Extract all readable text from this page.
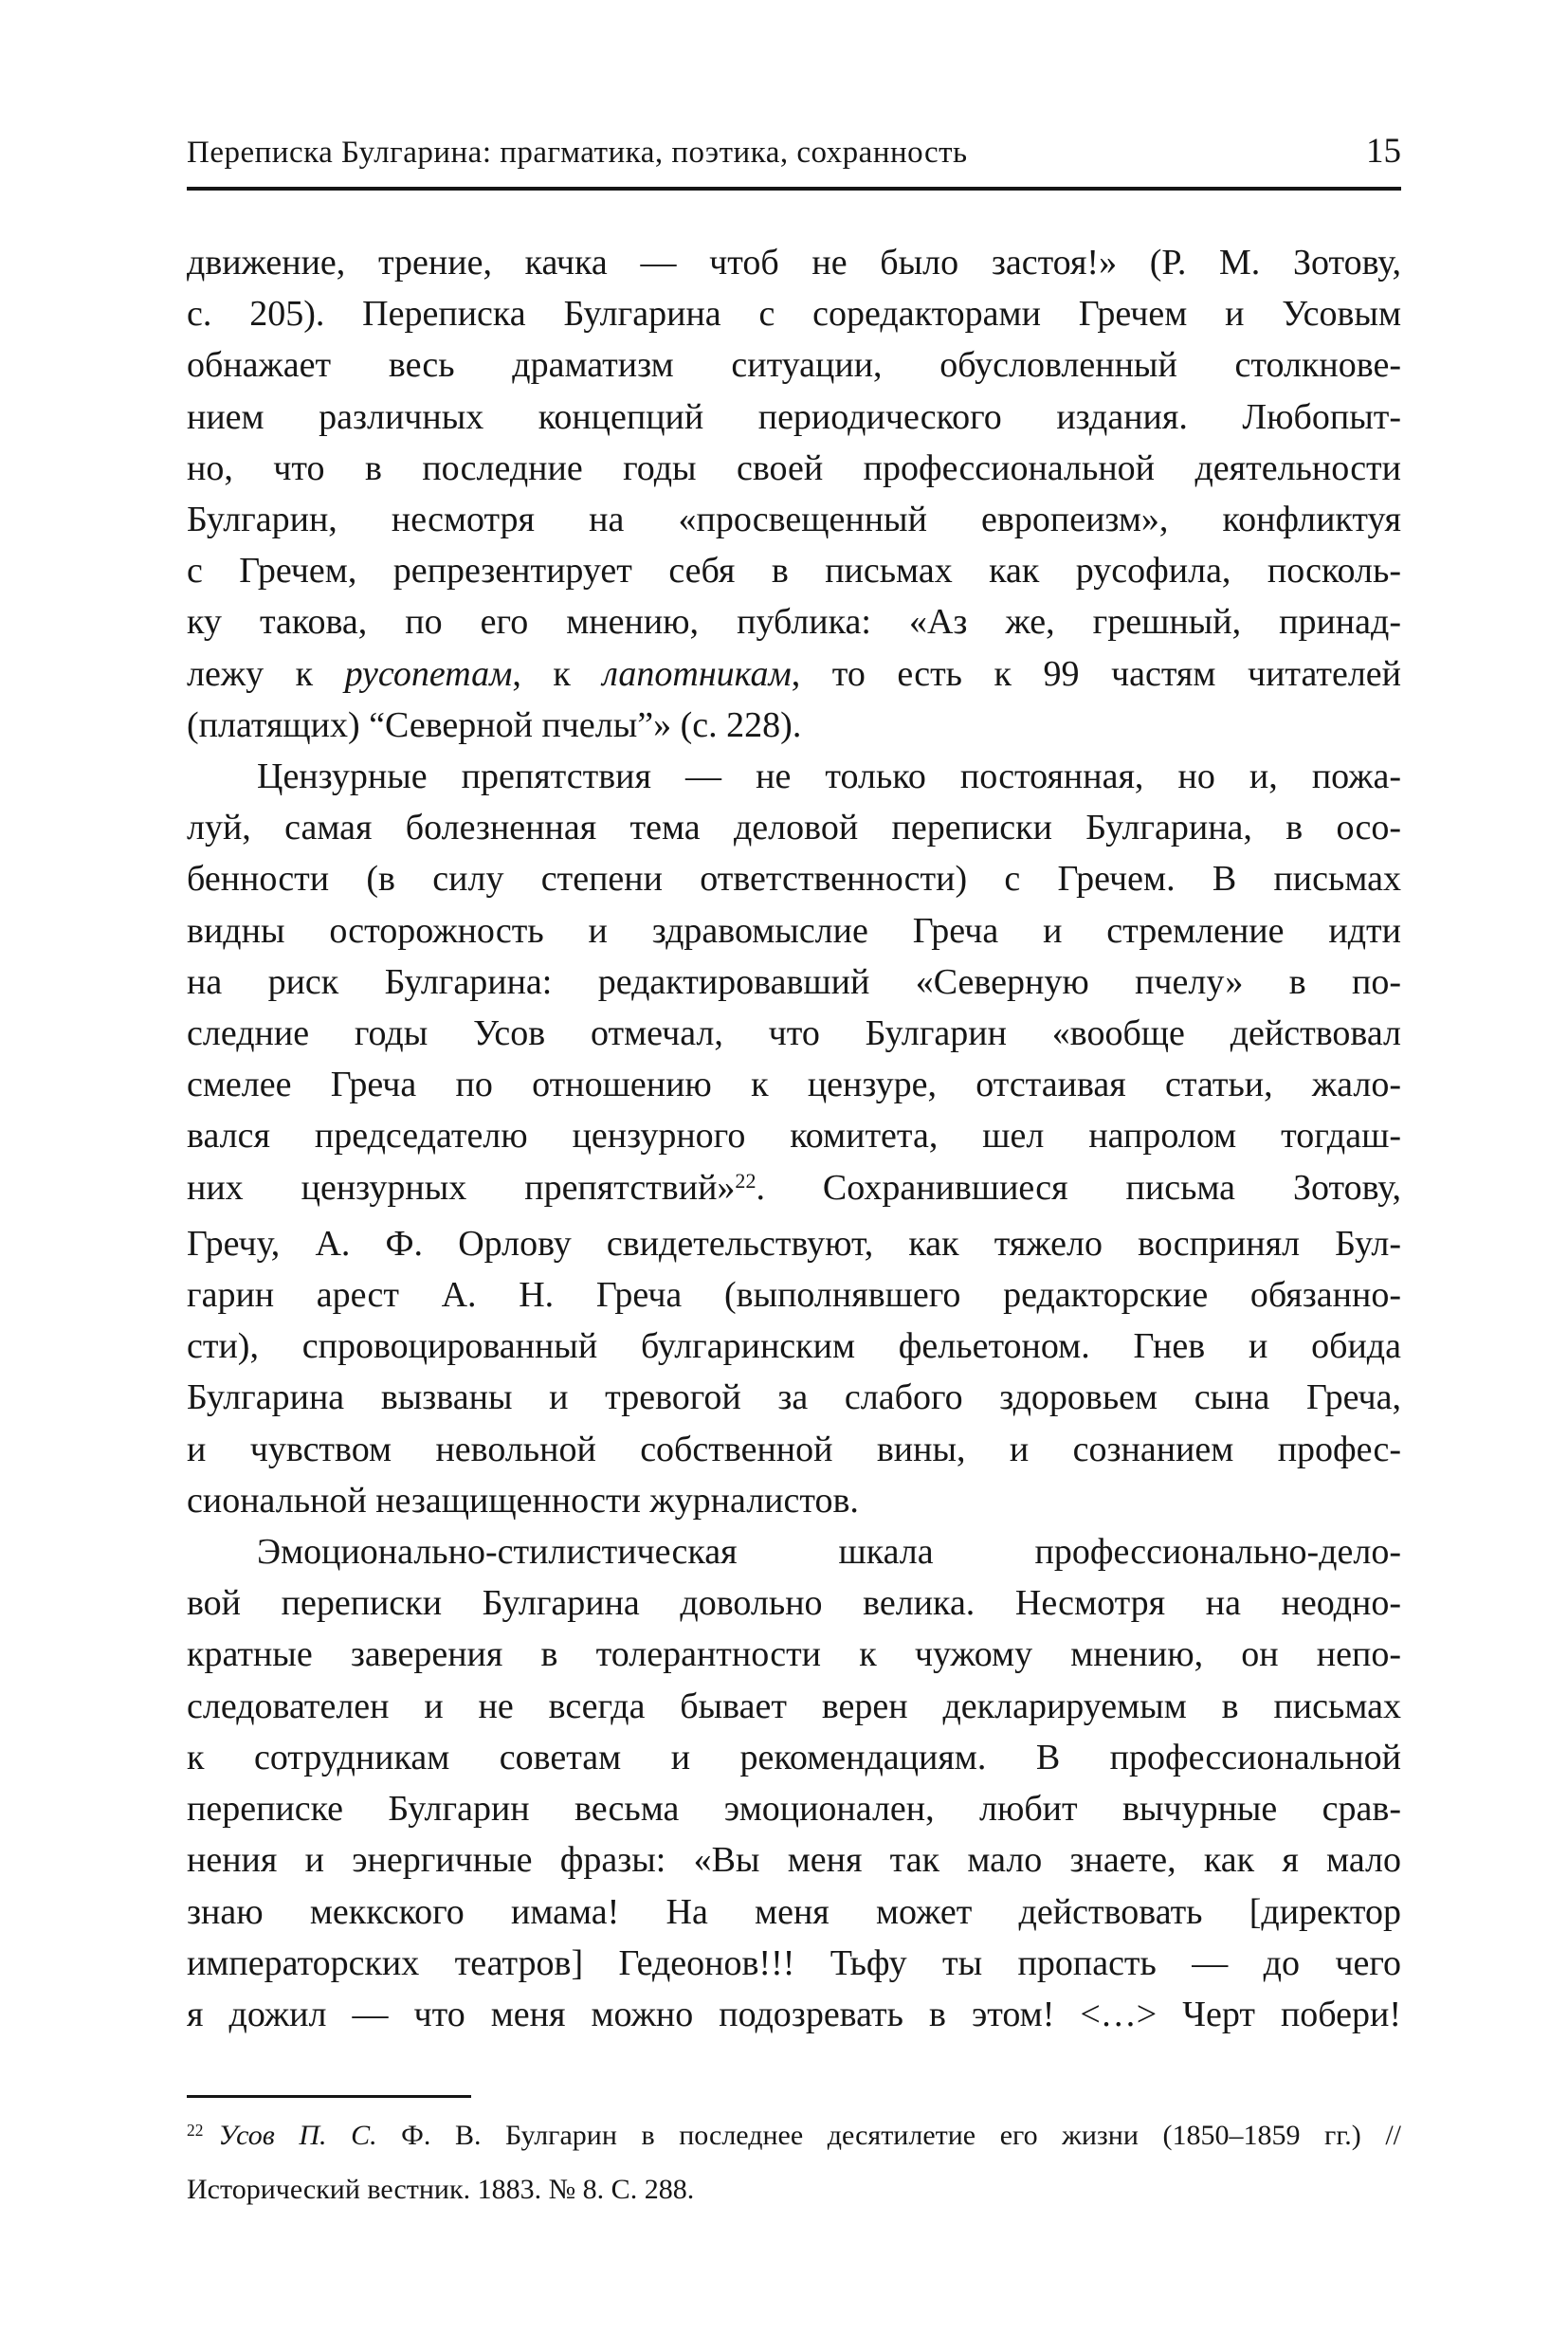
Переписка Булгарина: прагматика, поэтика, сохранность	15
движение, трение, качка — чтоб не было застоя!» (Р. М. Зотову,
с. 205). Переписка Булгарина с соредакторами Гречем и Усовым
обнажает весь драматизм ситуации, обусловленный столкнове-
нием различных концепций периодического издания. Любопыт-
но, что в последние годы своей профессиональной деятельности
Булгарин, несмотря на «просвещенный европеизм», конфликтуя
с Гречем, репрезентирует себя в письмах как русофила, посколь-
ку такова, по его мнению, публика: «Аз же, грешный, принад-
лежу к русопетам, к лапотникам, то есть к 99 частям читателей
(платящих) “Северной пчелы”» (с. 228).
Цензурные препятствия — не только постоянная, но и, пожа-
луй, самая болезненная тема деловой переписки Булгарина, в осо-
бенности (в силу степени ответственности) с Гречем. В письмах
видны осторожность и здравомыслие Греча и стремление идти
на риск Булгарина: редактировавший «Северную пчелу» в по-
следние годы Усов отмечал, что Булгарин «вообще действовал
смелее Греча по отношению к цензуре, отстаивая статьи, жало-
вался председателю цензурного комитета, шел напролом тогдаш-
них цензурных препятствий»$^{22}$. Сохранившиеся письма Зотову,
Гречу, А. Ф. Орлову свидетельствуют, как тяжело воспринял Бул-
гарин арест А. Н. Греча (выполнявшего редакторские обязанно-
сти), спровоцированный булгаринским фельетоном. Гнев и обида
Булгарина вызваны и тревогой за слабого здоровьем сына Греча,
и чувством невольной собственной вины, и сознанием профес-
сиональной незащищенности журналистов.
Эмоционально-стилистическая шкала профессионально-дело-
вой переписки Булгарина довольно велика. Несмотря на неодно-
кратные заверения в толерантности к чужому мнению, он непо-
следователен и не всегда бывает верен декларируемым в письмах
к сотрудникам советам и рекомендациям. В профессиональной
переписке Булгарин весьма эмоционален, любит вычурные срав-
нения и энергичные фразы: «Вы меня так мало знаете, как я мало
знаю меккского имама! На меня может действовать [директор
императорских театров] Гедеонов!!! Тьфу ты пропасть — до чего
я дожил — что меня можно подозревать в этом! <…> Черт побери!
$^{22}$ Усов П. С. Ф. В. Булгарин в последнее десятилетие его жизни (1850–1859 гг.) //
Исторический вестник. 1883. № 8. С. 288.
